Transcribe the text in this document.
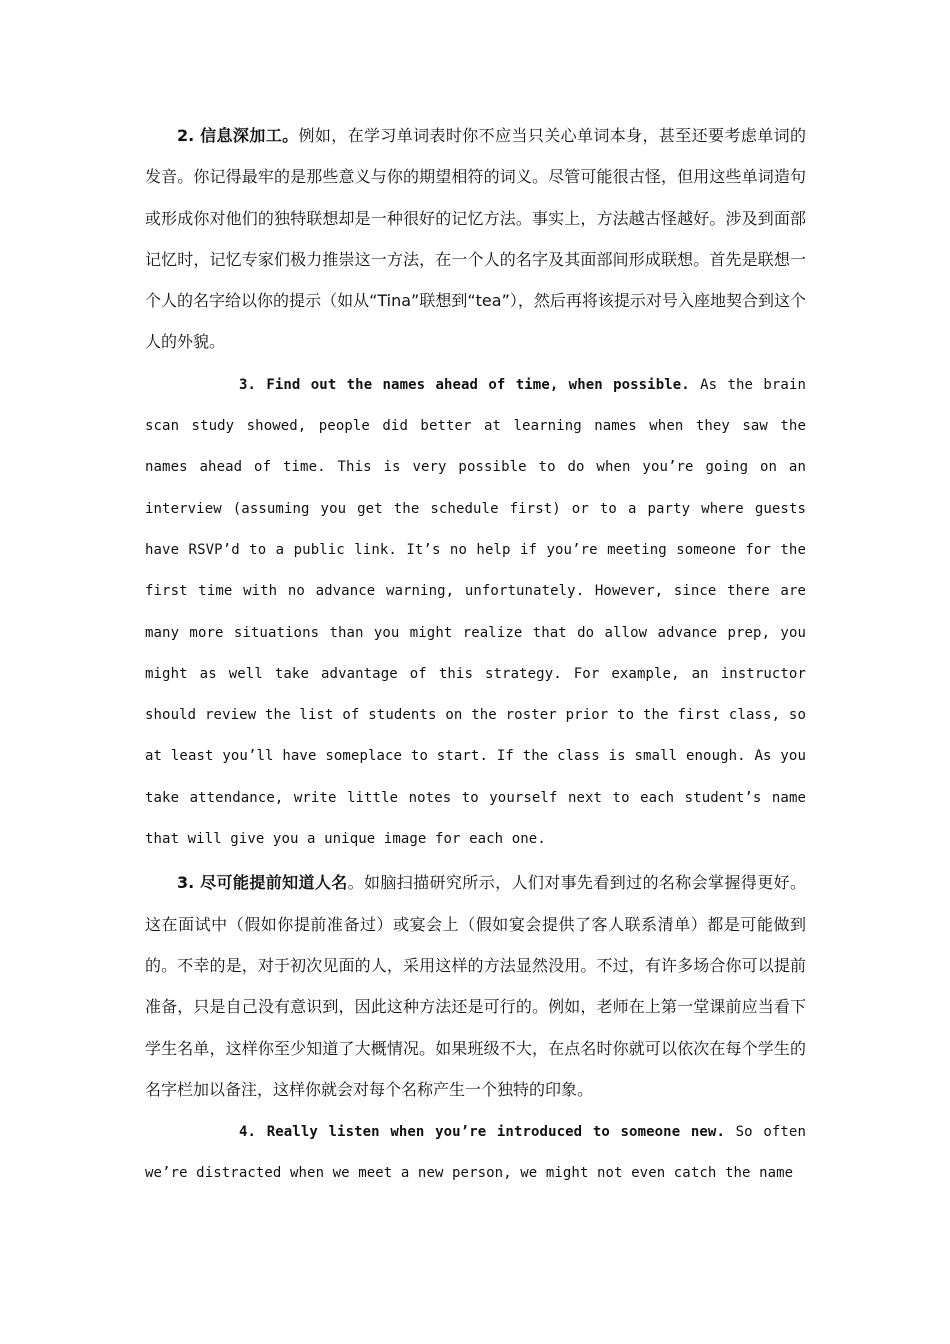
2. 信息深加工。例如，在学习单词表时你不应当只关心单词本身，甚至还要考虑单词的发音。你记得最牢的是那些意义与你的期望相符的词义。尽管可能很古怪，但用这些单词造句或形成你对他们的独特联想却是一种很好的记忆方法。事实上，方法越古怪越好。涉及到面部记忆时，记忆专家们极力推崇这一方法，在一个人的名字及其面部间形成联想。首先是联想一个人的名字给以你的提示（如从“Tina”联想到“tea”），然后再将该提示对号入座地契合到这个人的外貌。

3. Find out the names ahead of time, when possible. As the brain scan study showed, people did better at learning names when they saw the names ahead of time. This is very possible to do when you’re going on an interview (assuming you get the schedule first) or to a party where guests have RSVP’d to a public link. It’s no help if you’re meeting someone for the first time with no advance warning, unfortunately. However, since there are many more situations than you might realize that do allow advance prep, you might as well take advantage of this strategy. For example, an instructor should review the list of students on the roster prior to the first class, so at least you’ll have someplace to start. If the class is small enough. As you take attendance, write little notes to yourself next to each student’s name that will give you a unique image for each one.

3. 尽可能提前知道人名。如脑扫描研究所示，人们对事先看到过的名称会掌握得更好。这在面试中（假如你提前准备过）或宴会上（假如宴会提供了客人联系清单）都是可能做到的。不幸的是，对于初次见面的人，采用这样的方法显然没用。不过，有许多场合你可以提前准备，只是自己没有意识到，因此这种方法还是可行的。例如，老师在上第一堂课前应当看下学生名单，这样你至少知道了大概情况。如果班级不大，在点名时你就可以依次在每个学生的名字栏加以备注，这样你就会对每个名称产生一个独特的印象。

4. Really listen when you’re introduced to someone new. So often we’re distracted when we meet a new person, we might not even catch the name
